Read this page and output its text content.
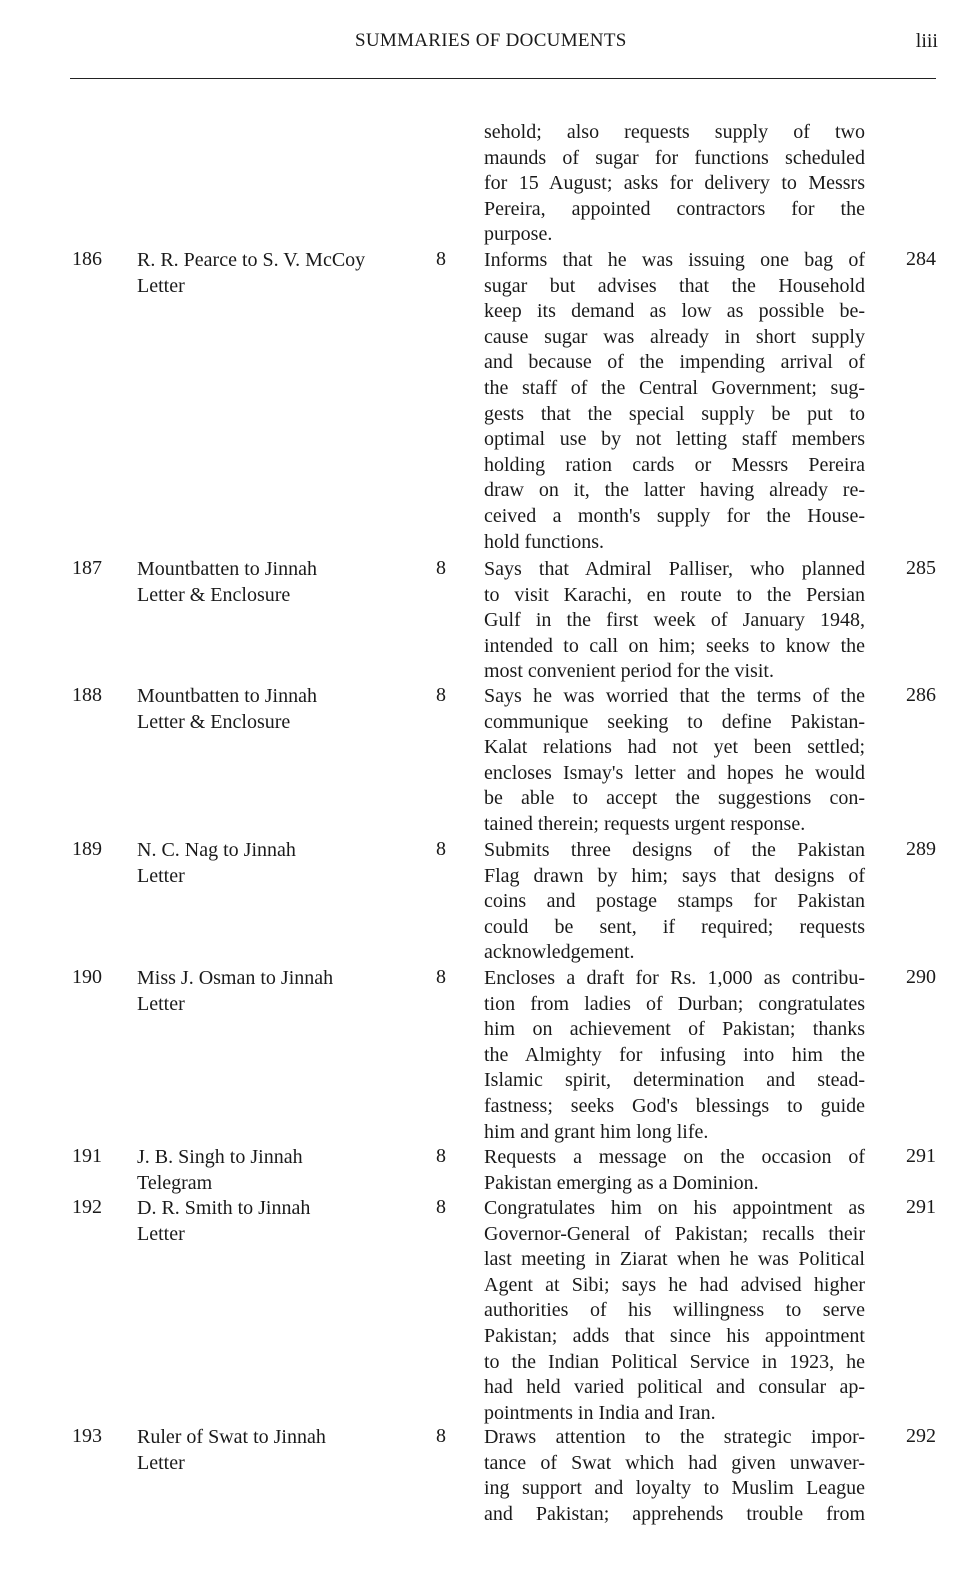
SUMMARIES OF DOCUMENTS	liii
sehold; also requests supply of two
maunds of sugar for functions scheduled
for 15 August; asks for delivery to Messrs
Pereira, appointed contractors for the
purpose.
186 R. R. Pearce to S. V. McCoy
Letter
8 Informs that he was issuing one bag of
sugar but advises that the Household
keep its demand as low as possible be-
cause sugar was already in short supply
and because of the impending arrival of
the staff of the Central Government; sug-
gests that the special supply be put to
optimal use by not letting staff members
holding ration cards or Messrs Pereira
draw on it, the latter having already re-
ceived a month's supply for the House-
hold functions.
284
187 Mountbatten to Jinnah
Letter & Enclosure
8 Says that Admiral Palliser, who planned
to visit Karachi, en route to the Persian
Gulf in the first week of January 1948,
intended to call on him; seeks to know the
most convenient period for the visit.
285
188 Mountbatten to Jinnah
Letter & Enclosure
8 Says he was worried that the terms of the
communique seeking to define Pakistan-
Kalat relations had not yet been settled;
encloses Ismay's letter and hopes he would
be able to accept the suggestions con-
tained therein; requests urgent response.
286
189 N. C. Nag to Jinnah
Letter
8 Submits three designs of the Pakistan
Flag drawn by him; says that designs of
coins and postage stamps for Pakistan
could be sent, if required; requests
acknowledgement.
289
190 Miss J. Osman to Jinnah
Letter
8 Encloses a draft for Rs. 1,000 as contribu-
tion from ladies of Durban; congratulates
him on achievement of Pakistan; thanks
the Almighty for infusing into him the
Islamic spirit, determination and stead-
fastness; seeks God's blessings to guide
him and grant him long life.
290
191 J. B. Singh to Jinnah
Telegram
8 Requests a message on the occasion of
Pakistan emerging as a Dominion.
291
192 D. R. Smith to Jinnah
Letter
8 Congratulates him on his appointment as
Governor-General of Pakistan; recalls their
last meeting in Ziarat when he was Political
Agent at Sibi; says he had advised higher
authorities of his willingness to serve
Pakistan; adds that since his appointment
to the Indian Political Service in 1923, he
had held varied political and consular ap-
pointments in India and Iran.
291
193 Ruler of Swat to Jinnah
Letter
8 Draws attention to the strategic impor-
tance of Swat which had given unwaver-
ing support and loyalty to Muslim League
and Pakistan; apprehends trouble from
292
